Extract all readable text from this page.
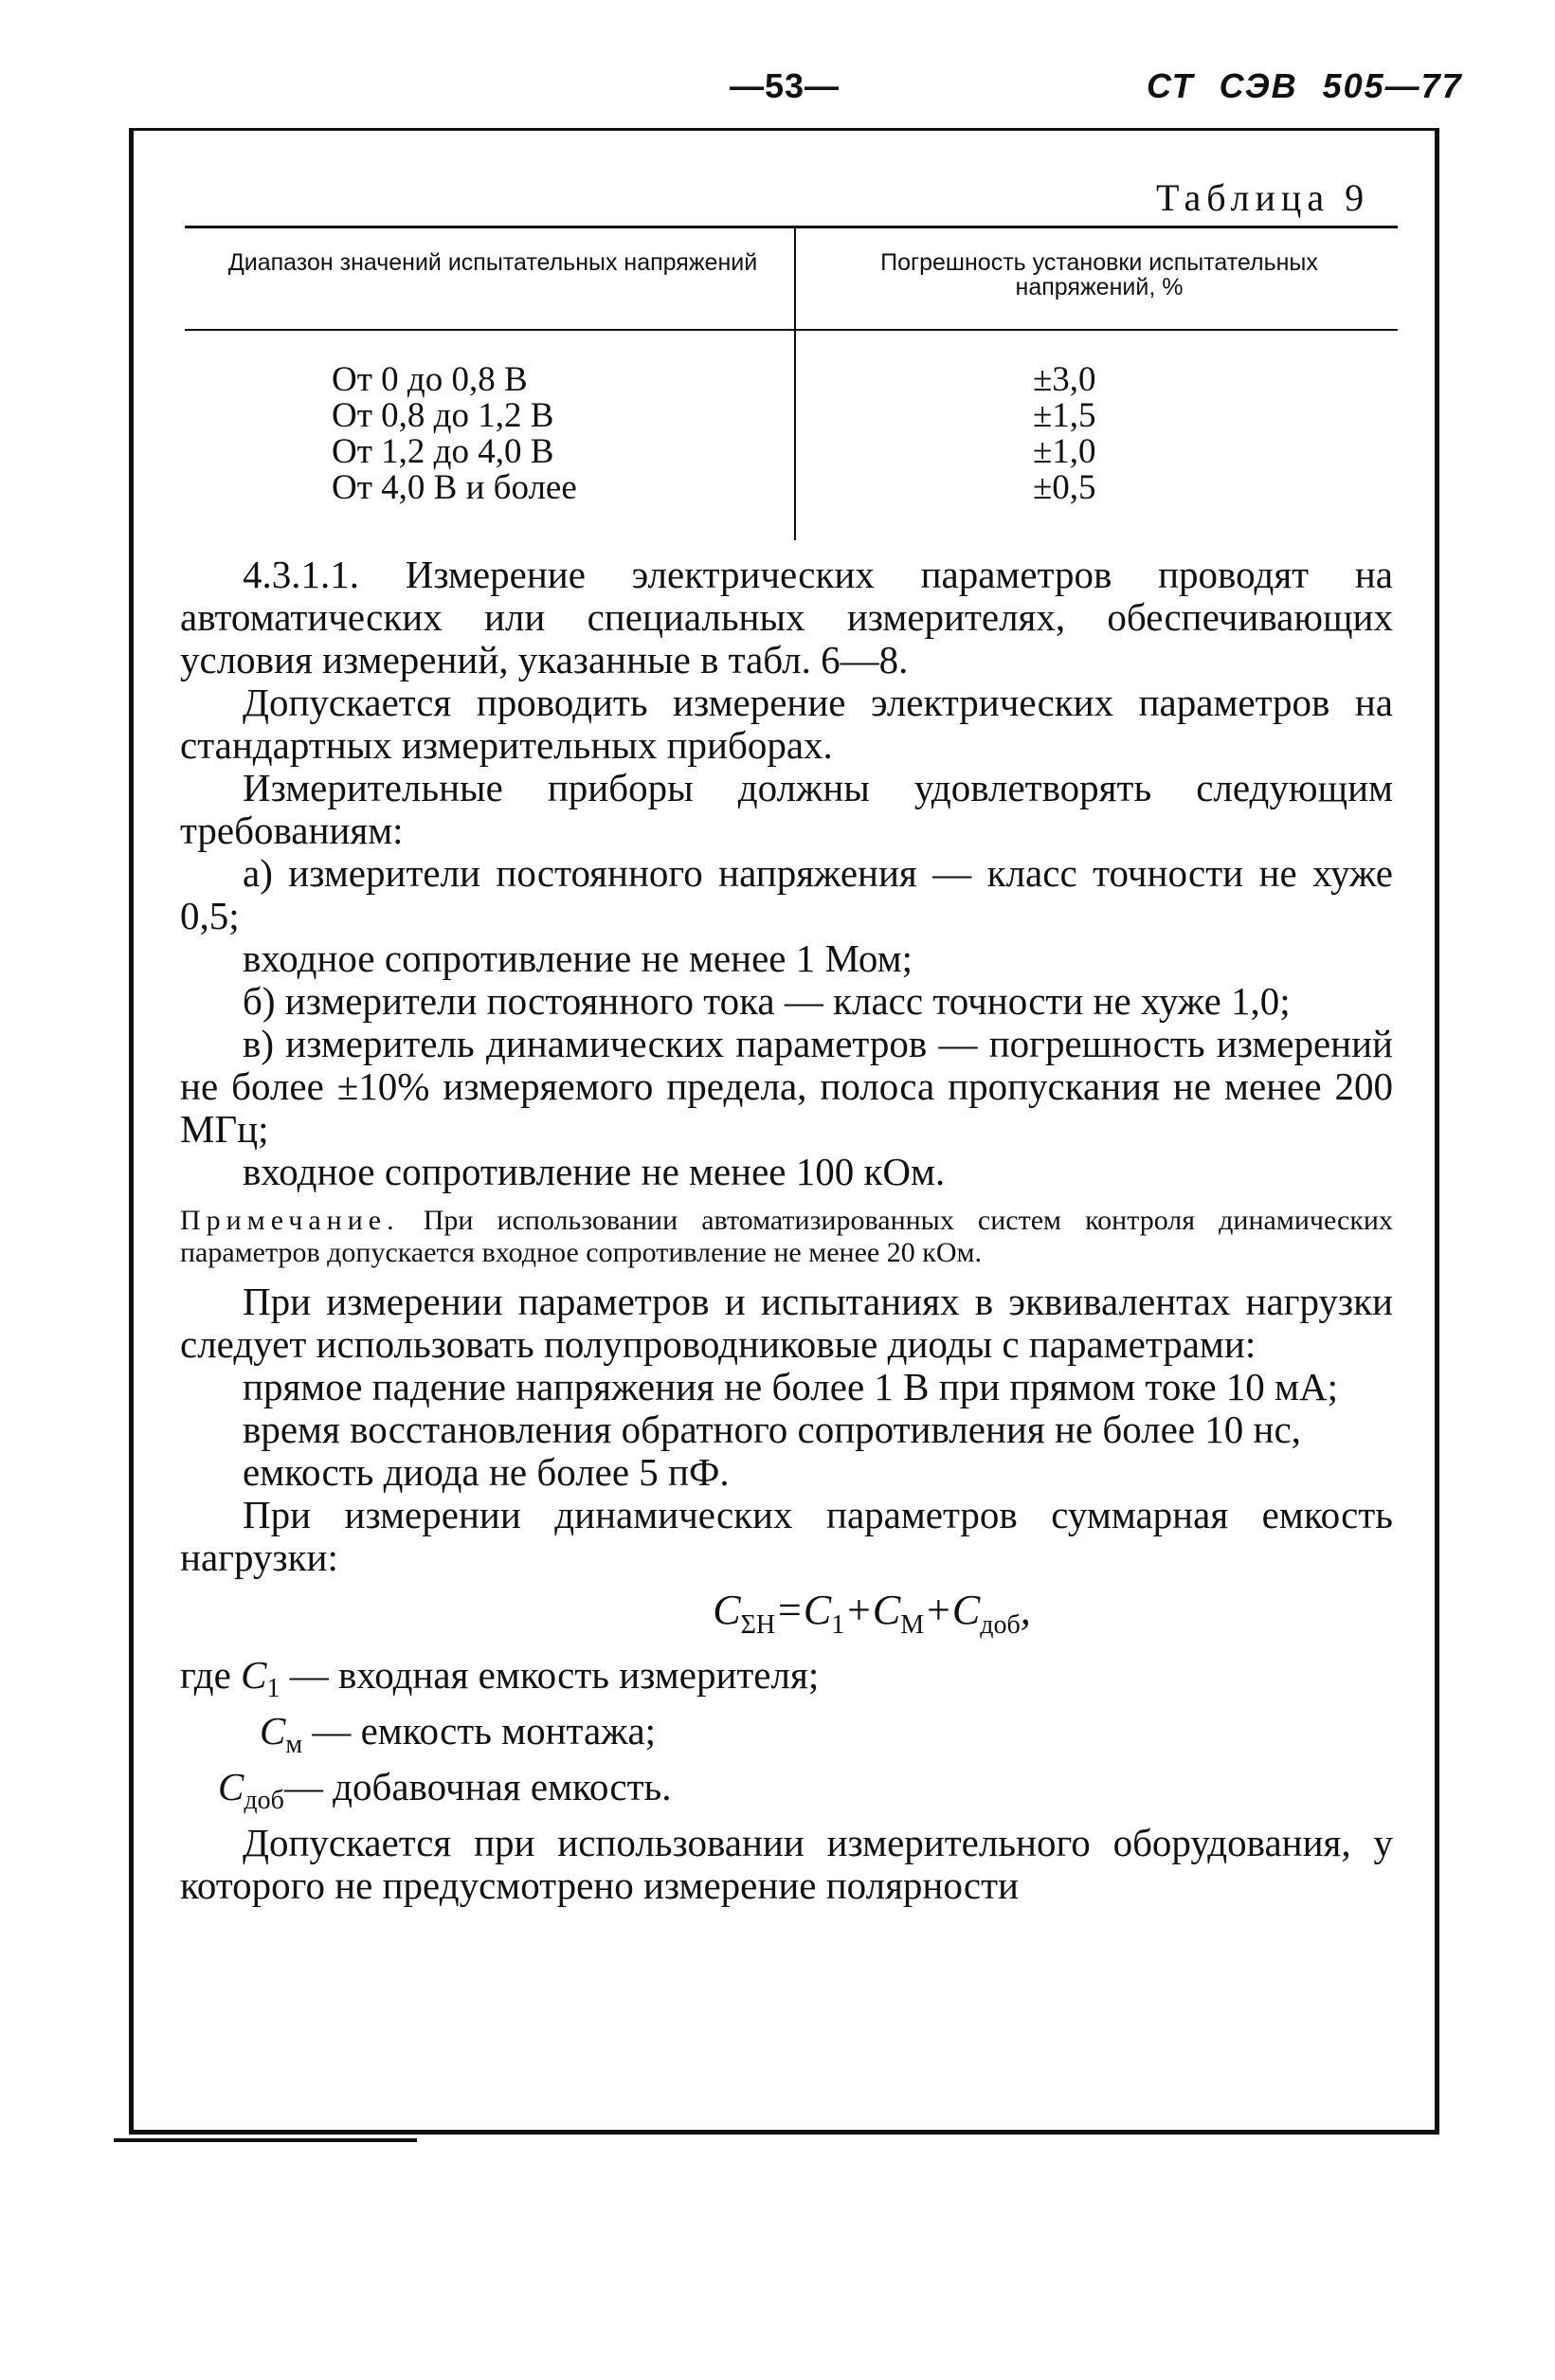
—53—	СТ СЭВ 505—77
Таблица 9
Диапазон значений испытательных напряжений	Погрешность установки испытательных напряжений, %
От 0 до 0,8 В
От 0,8 до 1,2 В
От 1,2 до 4,0 В
От 4,0 В и более
±3,0
±1,5
±1,0
±0,5

4.3.1.1. Измерение электрических параметров проводят на автоматических или специальных измерителях, обеспечивающих условия измерений, указанные в табл. 6—8.

Допускается проводить измерение электрических параметров на стандартных измерительных приборах.

Измерительные приборы должны удовлетворять следующим требованиям:

а) измерители постоянного напряжения — класс точности не хуже 0,5;

входное сопротивление не менее 1 Мом;

б) измерители постоянного тока — класс точности не хуже 1,0;

в) измеритель динамических параметров — погрешность измерений не более ±10% измеряемого предела, полоса пропускания не менее 200 МГц;

входное сопротивление не менее 100 кОм.

Примечание. При использовании автоматизированных систем контроля динамических параметров допускается входное сопротивление не менее 20 кОм.

При измерении параметров и испытаниях в эквивалентах нагрузки следует использовать полупроводниковые диоды с параметрами:

прямое падение напряжения не более 1 В при прямом токе 10 мА;

время восстановления обратного сопротивления не более 10 нс,

емкость диода не более 5 пФ.

При измерении динамических параметров суммарная емкость нагрузки:

$C_{\Sigma H}=C_1+C_M+C_{доб}$,
где $C_1$ — входная емкость измерителя;
$C_м$ — емкость монтажа;
$C_{доб}—$ добавочная емкость.

Допускается при использовании измерительного оборудования, у которого не предусмотрено измерение полярности
